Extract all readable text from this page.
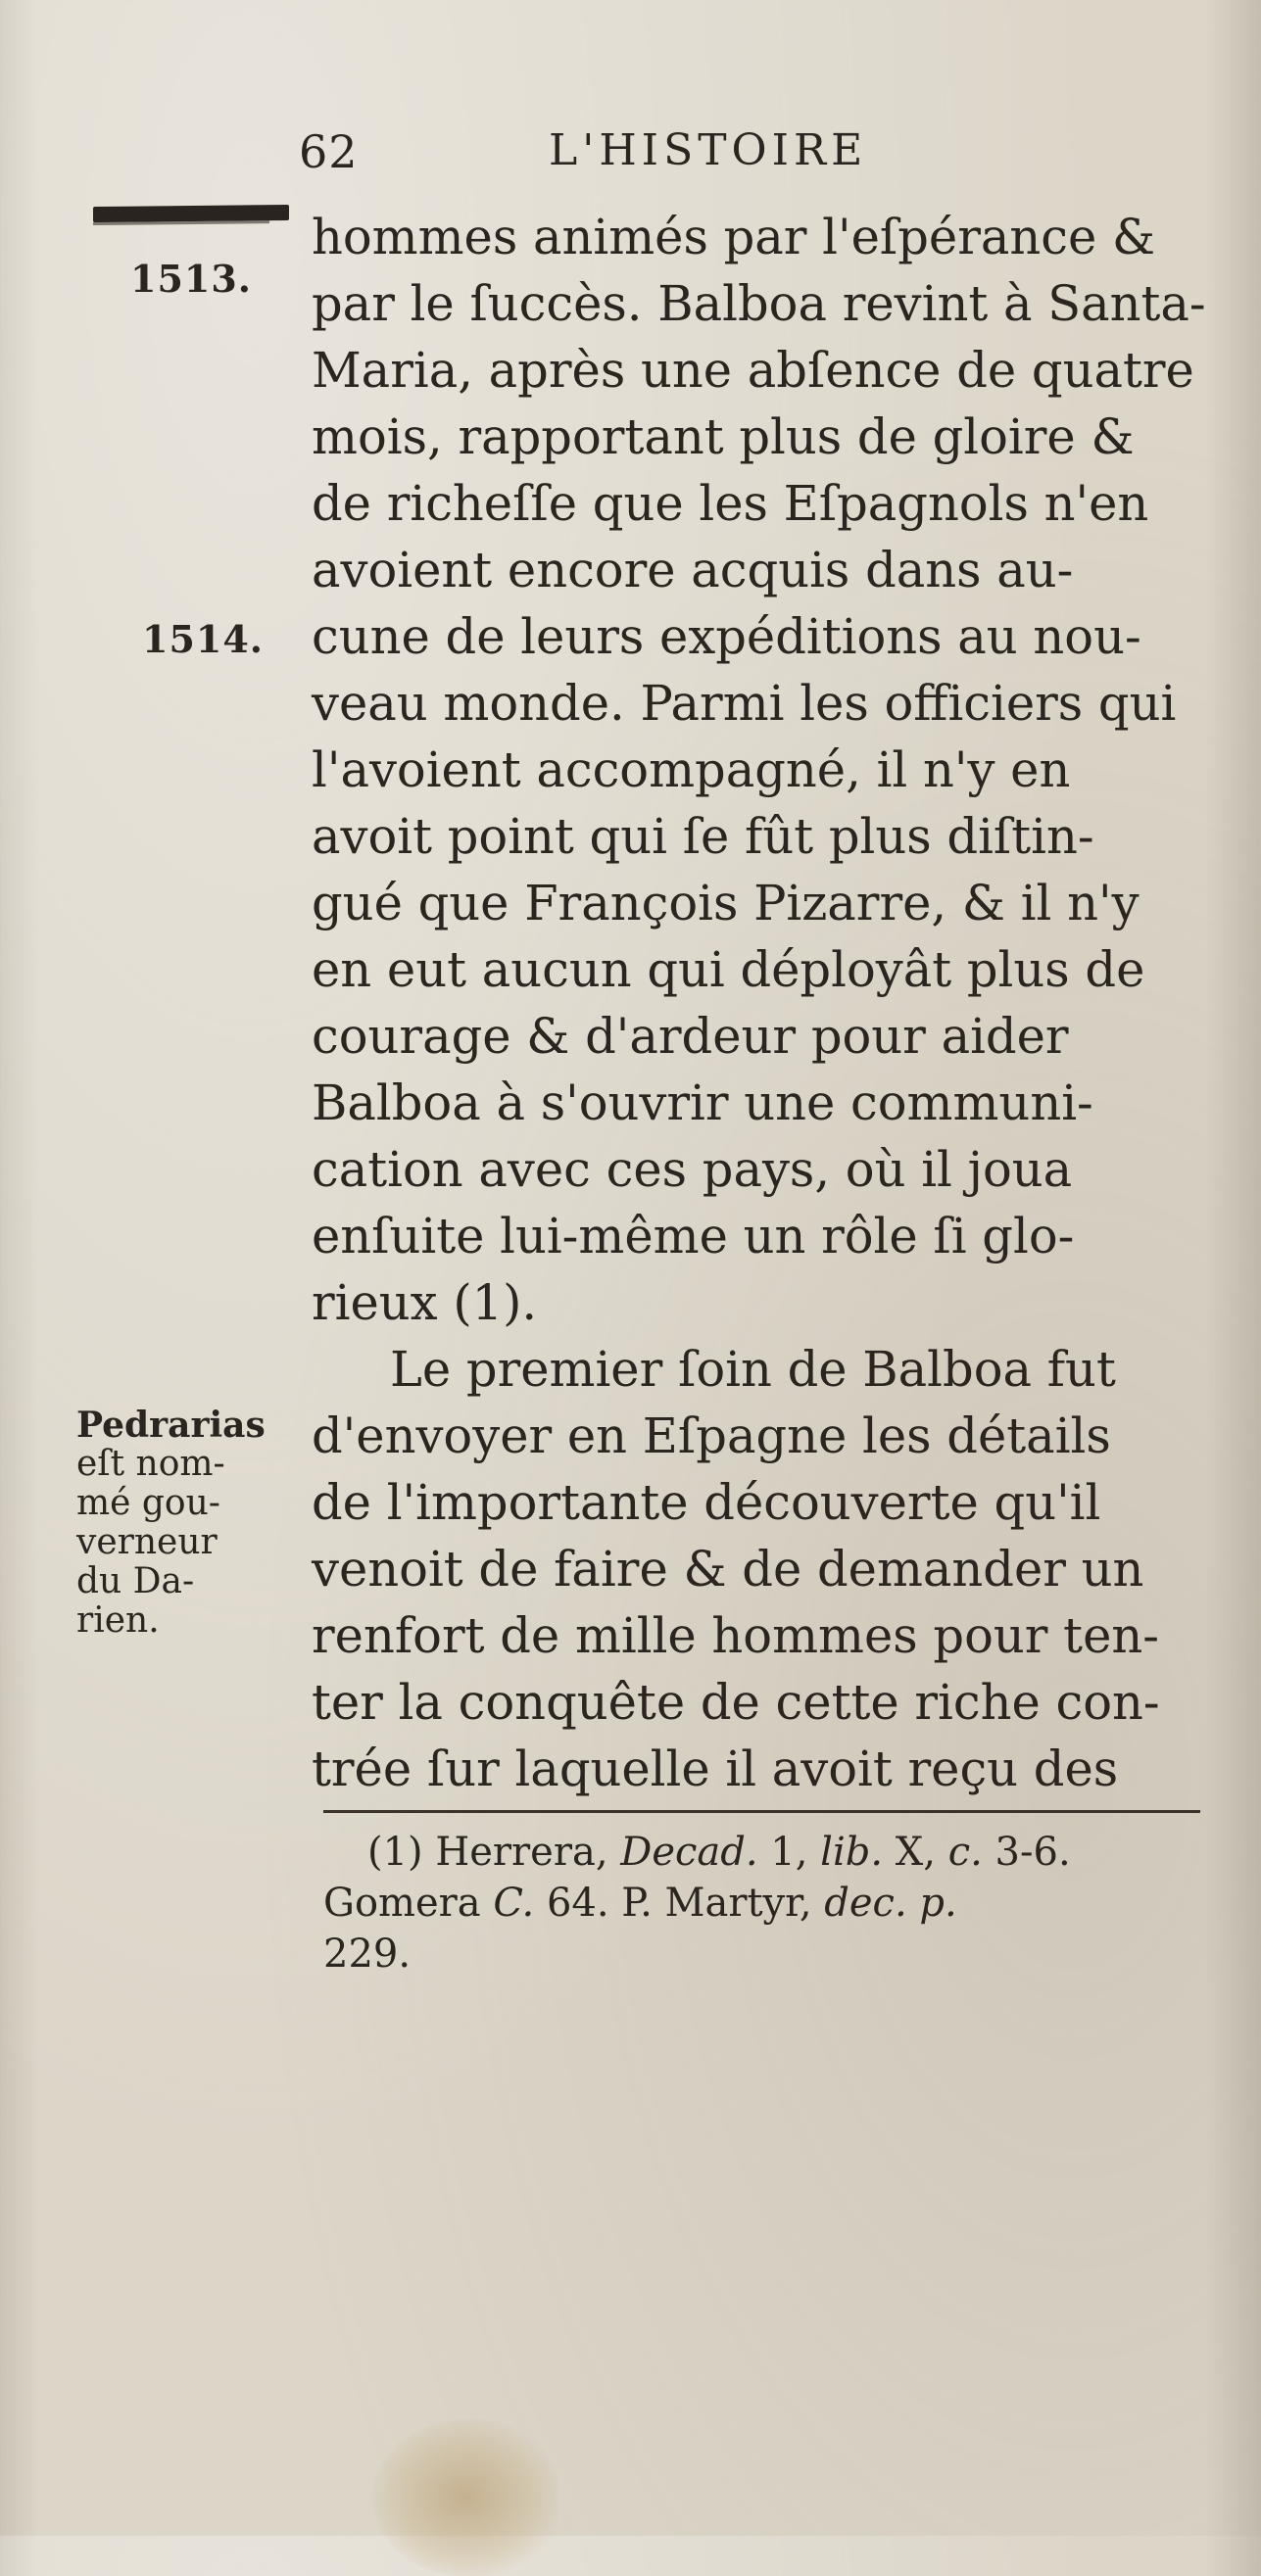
62	L'HISTOIRE
1513.
1514.
hommes animés par l'eſpérance &
par le ſuccès. Balboa revint à Santa-
Maria, après une abſence de quatre
mois, rapportant plus de gloire &
de richeſſe que les Eſpagnols n'en
avoient encore acquis dans au-
cune de leurs expéditions au nou-
veau monde. Parmi les officiers qui
l'avoient accompagné, il n'y en
avoit point qui ſe fût plus diſtin-
gué que François Pizarre, & il n'y
en eut aucun qui déployât plus de
courage & d'ardeur pour aider
Balboa à s'ouvrir une communi-
cation avec ces pays, où il joua
enſuite lui-même un rôle ſi glo-
rieux (1).
Le premier ſoin de Balboa fut
d'envoyer en Eſpagne les détails
de l'importante découverte qu'il
venoit de faire & de demander un
renfort de mille hommes pour ten-
ter la conquête de cette riche con-
trée ſur laquelle il avoit reçu des
Pedrarias
eſt nom-
mé gou-
verneur
du Da-
rien.
(1) Herrera, Decad. 1, lib. X, c. 3-6.
Gomera C. 64. P. Martyr, dec. p.
229.
